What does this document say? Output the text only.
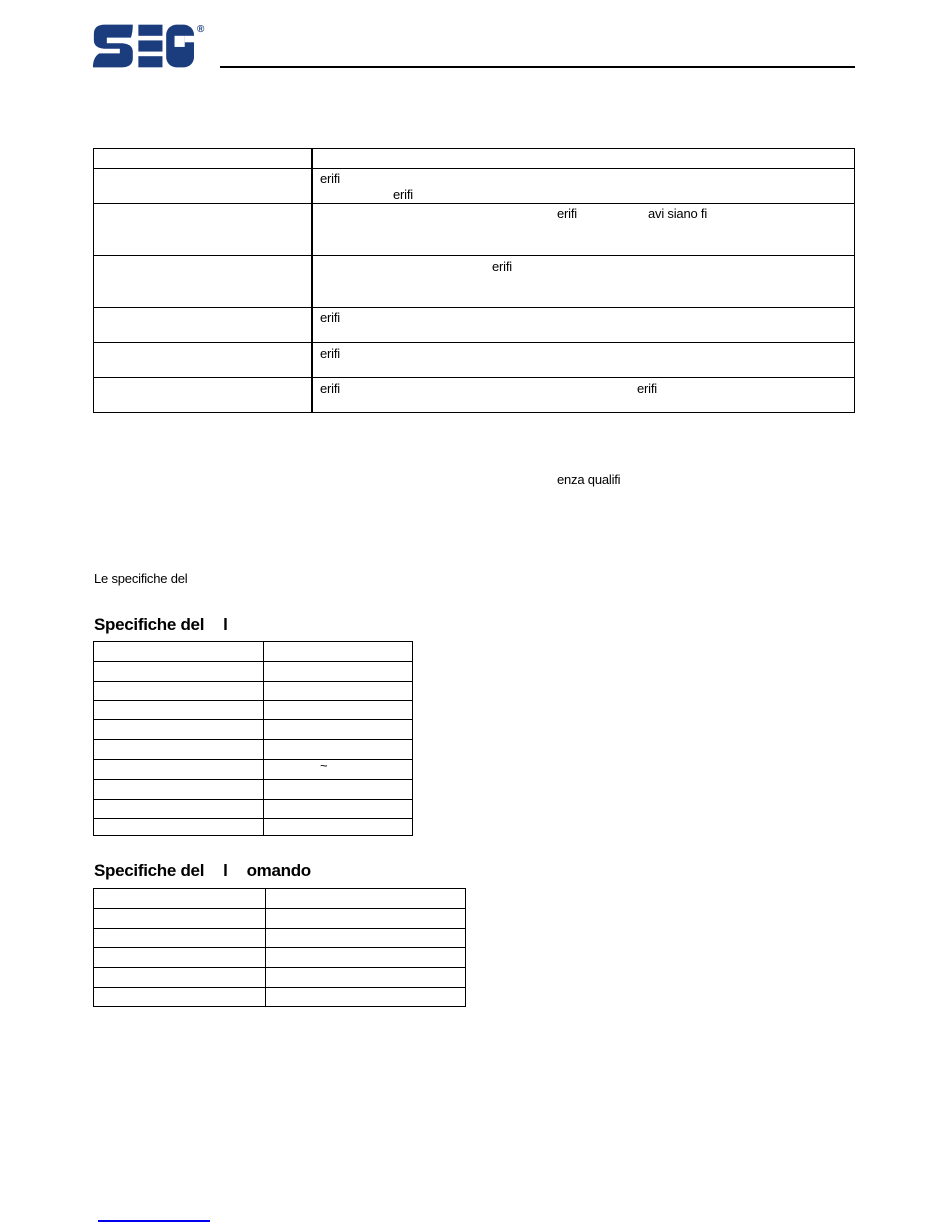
®
erifi
erifi
erifi	avi siano fi
erifi
erifi
erifi
erifi	erifi
enza qualifi
Le specifiche del
Specifiche del l
~
Specifiche del l omando
